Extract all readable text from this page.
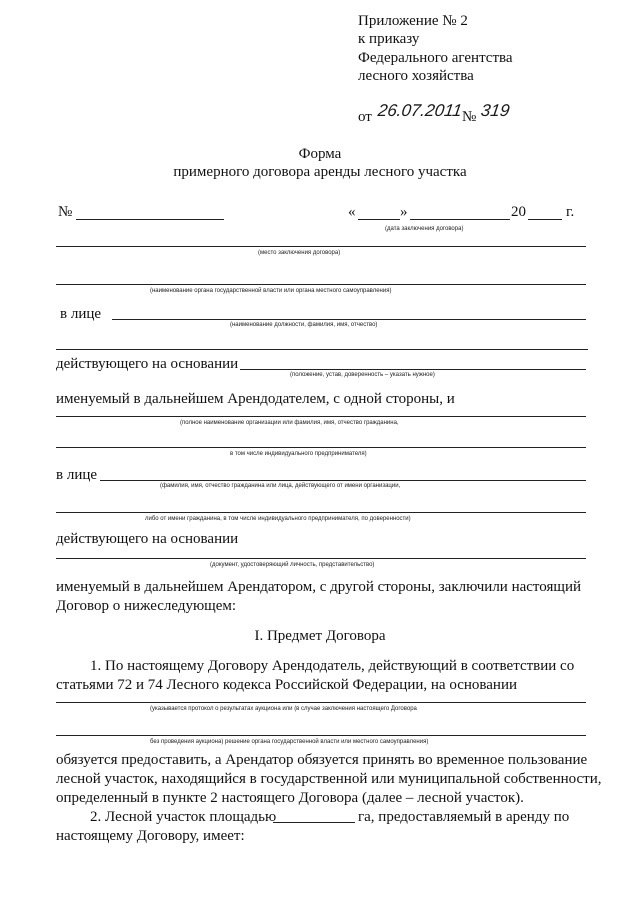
Приложение № 2
к приказу
Федерального агентства
лесного хозяйства
от 26.07.2011
№ 319
Форма
примерного договора аренды лесного участка
№	«	»	20	г.
(дата заключения договора)
(место заключения договора)
(наименование органа государственной власти или органа местного самоуправления)
в лице
(наименование должности, фамилия, имя, отчество)
действующего на основании
(положение, устав, доверенность – указать нужное)
именуемый в дальнейшем Арендодателем, с одной стороны, и
(полное наименование организации или фамилия, имя, отчество гражданина,
в том числе индивидуального предпринимателя)
в лице
(фамилия, имя, отчество гражданина или лица, действующего от имени организации,
либо от имени гражданина, в том числе индивидуального предпринимателя, по доверенности)
действующего на основании
(документ, удостоверяющий личность, представительство)
именуемый в дальнейшем Арендатором, с другой стороны, заключили настоящий
Договор о нижеследующем:
I. Предмет Договора
1. По настоящему Договору Арендодатель, действующий в соответствии со
статьями 72 и 74 Лесного кодекса Российской Федерации, на основании
(указывается протокол о результатах аукциона или (в случае заключения настоящего Договора
без проведения аукциона) решение органа государственной власти или местного самоуправления)
обязуется предоставить, а Арендатор обязуется принять во временное пользование
лесной участок, находящийся в государственной или муниципальной собственности,
определенный в пункте 2 настоящего Договора (далее – лесной участок).
2. Лесной участок площадью	га, предоставляемый в аренду по
настоящему Договору, имеет:
